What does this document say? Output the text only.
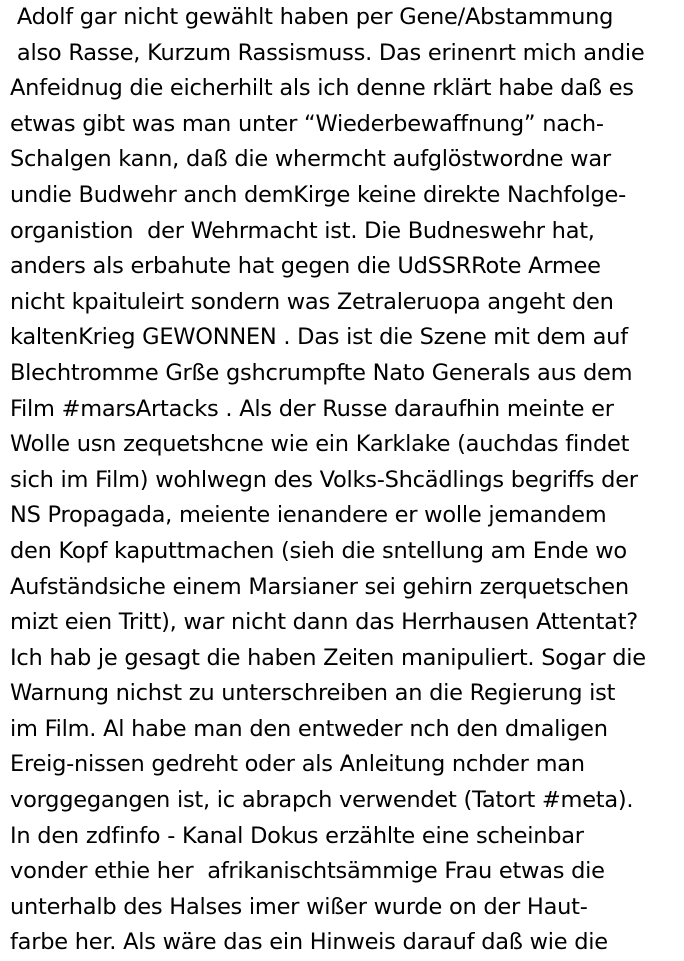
Adolf gar nicht gewählt haben per Gene/Abstammung
also Rasse, Kurzum Rassismuss. Das erinenrt mich andie
Anfeidnug die eicherhilt als ich denne rklärt habe daß es
etwas gibt was man unter “Wiederbewaffnung” nach-
Schalgen kann, daß die whermcht aufglöstwordne war
undie Budwehr anch demKirge keine direkte Nachfolge-
organistion  der Wehrmacht ist. Die Budneswehr hat,
anders als erbahute hat gegen die UdSSRRote Armee
nicht kpaituleirt sondern was Zetraleruopa angeht den
kaltenKrieg GEWONNEN . Das ist die Szene mit dem auf
Blechtromme Grße gshcrumpfte Nato Generals aus dem
Film #marsArtacks . Als der Russe daraufhin meinte er
Wolle usn zequetshcne wie ein Karklake (auchdas findet
sich im Film) wohlwegn des Volks-Shcädlings begriffs der
NS Propagada, meiente ienandere er wolle jemandem
den Kopf kaputtmachen (sieh die sntellung am Ende wo
Aufständsiche einem Marsianer sei gehirn zerquetschen
mizt eien Tritt), war nicht dann das Herrhausen Attentat?
Ich hab je gesagt die haben Zeiten manipuliert. Sogar die
Warnung nichst zu unterschreiben an die Regierung ist
im Film. Al habe man den entweder nch den dmaligen
Ereig-nissen gedreht oder als Anleitung nchder man
vorggegangen ist, ic abrapch verwendet (Tatort #meta).
In den zdfinfo - Kanal Dokus erzählte eine scheinbar
vonder ethie her  afrikanischtsämmige Frau etwas die
unterhalb des Halses imer wißer wurde on der Haut-
farbe her. Als wäre das ein Hinweis darauf daß wie die
